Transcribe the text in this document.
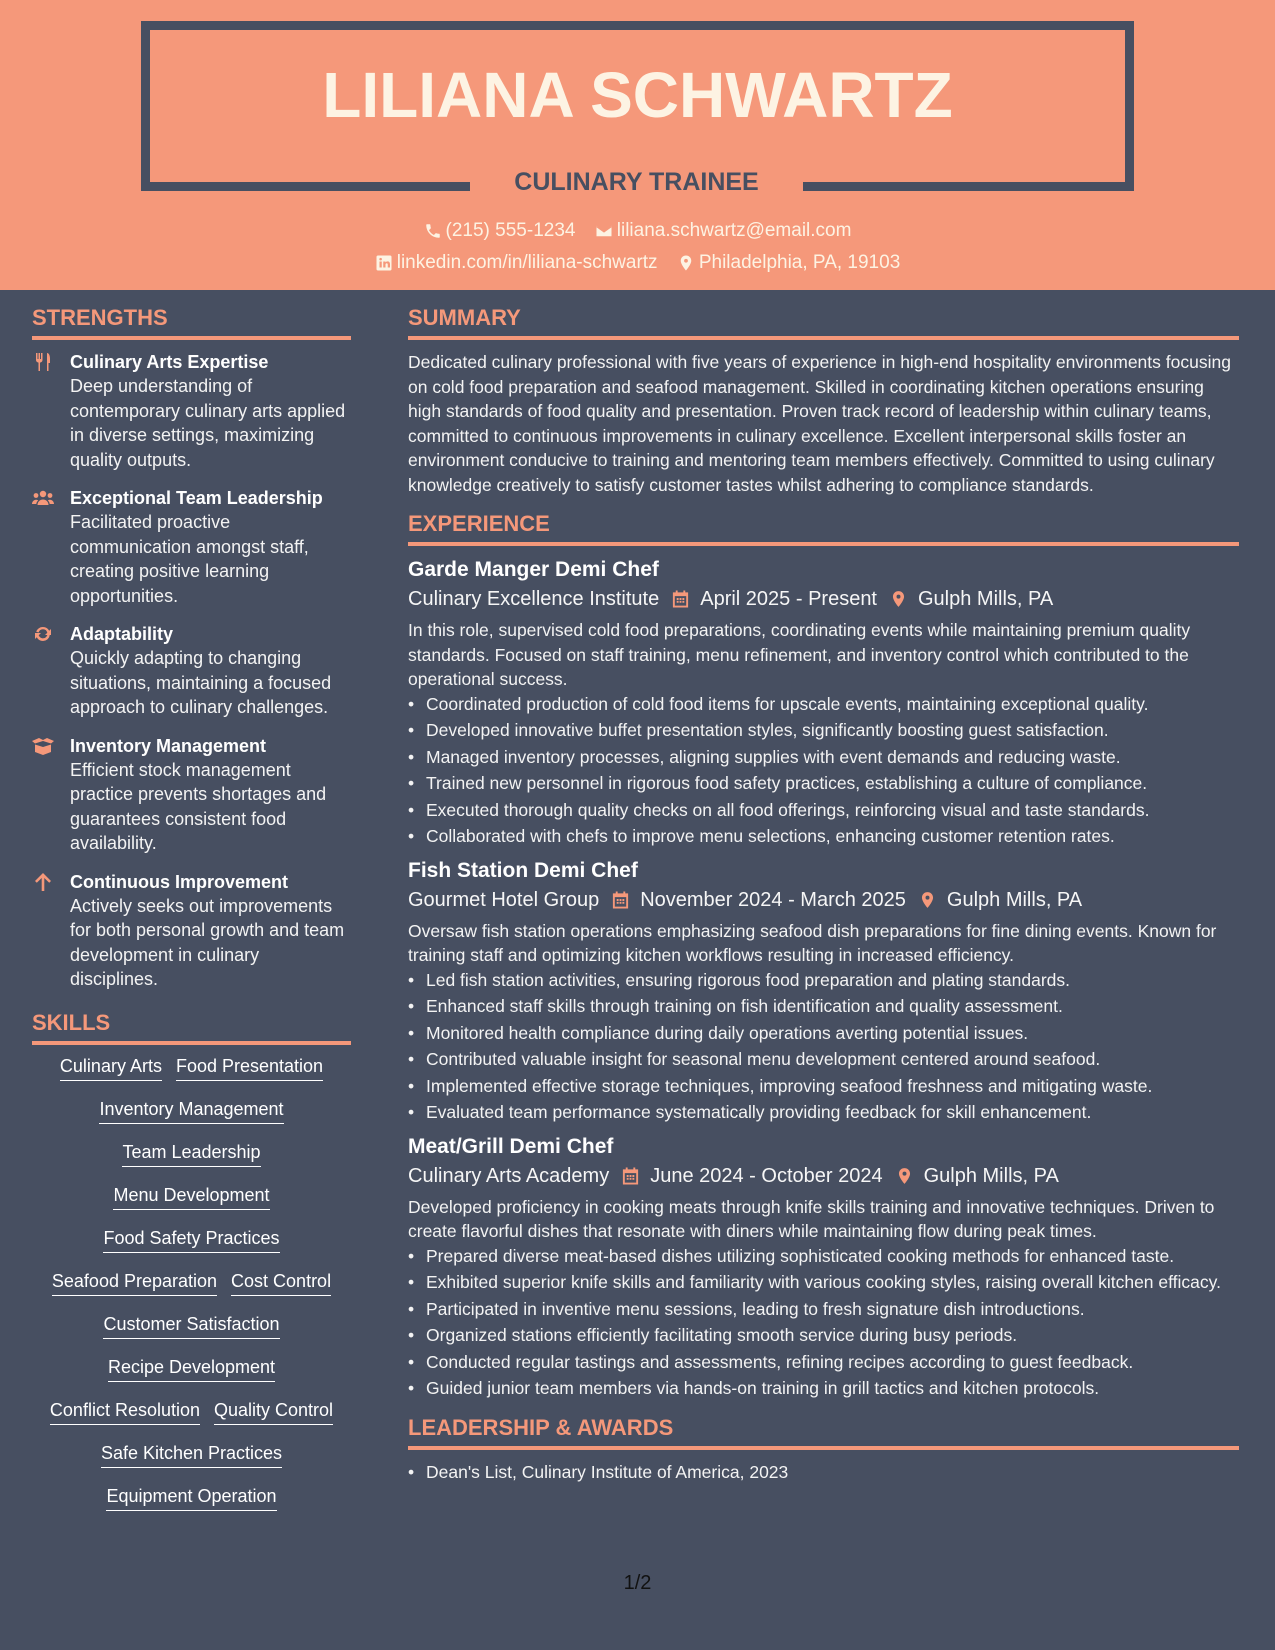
LILIANA SCHWARTZ
CULINARY TRAINEE
(215) 555-1234
liliana.schwartz@email.com
linkedin.com/in/liliana-schwartz
Philadelphia, PA, 19103
STRENGTHS
Culinary Arts Expertise
Deep understanding of contemporary culinary arts applied in diverse settings, maximizing quality outputs.
Exceptional Team Leadership
Facilitated proactive communication amongst staff, creating positive learning opportunities.
Adaptability
Quickly adapting to changing situations, maintaining a focused approach to culinary challenges.
Inventory Management
Efficient stock management practice prevents shortages and guarantees consistent food availability.
Continuous Improvement
Actively seeks out improvements for both personal growth and team development in culinary disciplines.
SKILLS
Culinary Arts Food Presentation
Inventory Management
Team Leadership
Menu Development
Food Safety Practices
Seafood Preparation Cost Control
Customer Satisfaction
Recipe Development
Conflict Resolution Quality Control
Safe Kitchen Practices
Equipment Operation
SUMMARY
Dedicated culinary professional with five years of experience in high-end hospitality environments focusing on cold food preparation and seafood management. Skilled in coordinating kitchen operations ensuring high standards of food quality and presentation. Proven track record of leadership within culinary teams, committed to continuous improvements in culinary excellence. Excellent interpersonal skills foster an environment conducive to training and mentoring team members effectively. Committed to using culinary knowledge creatively to satisfy customer tastes whilst adhering to compliance standards.
EXPERIENCE
Garde Manger Demi Chef
Culinary Excellence Institute April 2025 - Present Gulph Mills, PA
In this role, supervised cold food preparations, coordinating events while maintaining premium quality standards. Focused on staff training, menu refinement, and inventory control which contributed to the operational success.
• Coordinated production of cold food items for upscale events, maintaining exceptional quality.
• Developed innovative buffet presentation styles, significantly boosting guest satisfaction.
• Managed inventory processes, aligning supplies with event demands and reducing waste.
• Trained new personnel in rigorous food safety practices, establishing a culture of compliance.
• Executed thorough quality checks on all food offerings, reinforcing visual and taste standards.
• Collaborated with chefs to improve menu selections, enhancing customer retention rates.
Fish Station Demi Chef
Gourmet Hotel Group November 2024 - March 2025 Gulph Mills, PA
Oversaw fish station operations emphasizing seafood dish preparations for fine dining events. Known for training staff and optimizing kitchen workflows resulting in increased efficiency.
• Led fish station activities, ensuring rigorous food preparation and plating standards.
• Enhanced staff skills through training on fish identification and quality assessment.
• Monitored health compliance during daily operations averting potential issues.
• Contributed valuable insight for seasonal menu development centered around seafood.
• Implemented effective storage techniques, improving seafood freshness and mitigating waste.
• Evaluated team performance systematically providing feedback for skill enhancement.
Meat/Grill Demi Chef
Culinary Arts Academy June 2024 - October 2024 Gulph Mills, PA
Developed proficiency in cooking meats through knife skills training and innovative techniques. Driven to create flavorful dishes that resonate with diners while maintaining flow during peak times.
• Prepared diverse meat-based dishes utilizing sophisticated cooking methods for enhanced taste.
• Exhibited superior knife skills and familiarity with various cooking styles, raising overall kitchen efficacy.
• Participated in inventive menu sessions, leading to fresh signature dish introductions.
• Organized stations efficiently facilitating smooth service during busy periods.
• Conducted regular tastings and assessments, refining recipes according to guest feedback.
• Guided junior team members via hands-on training in grill tactics and kitchen protocols.
LEADERSHIP & AWARDS
• Dean's List, Culinary Institute of America, 2023
1/2
